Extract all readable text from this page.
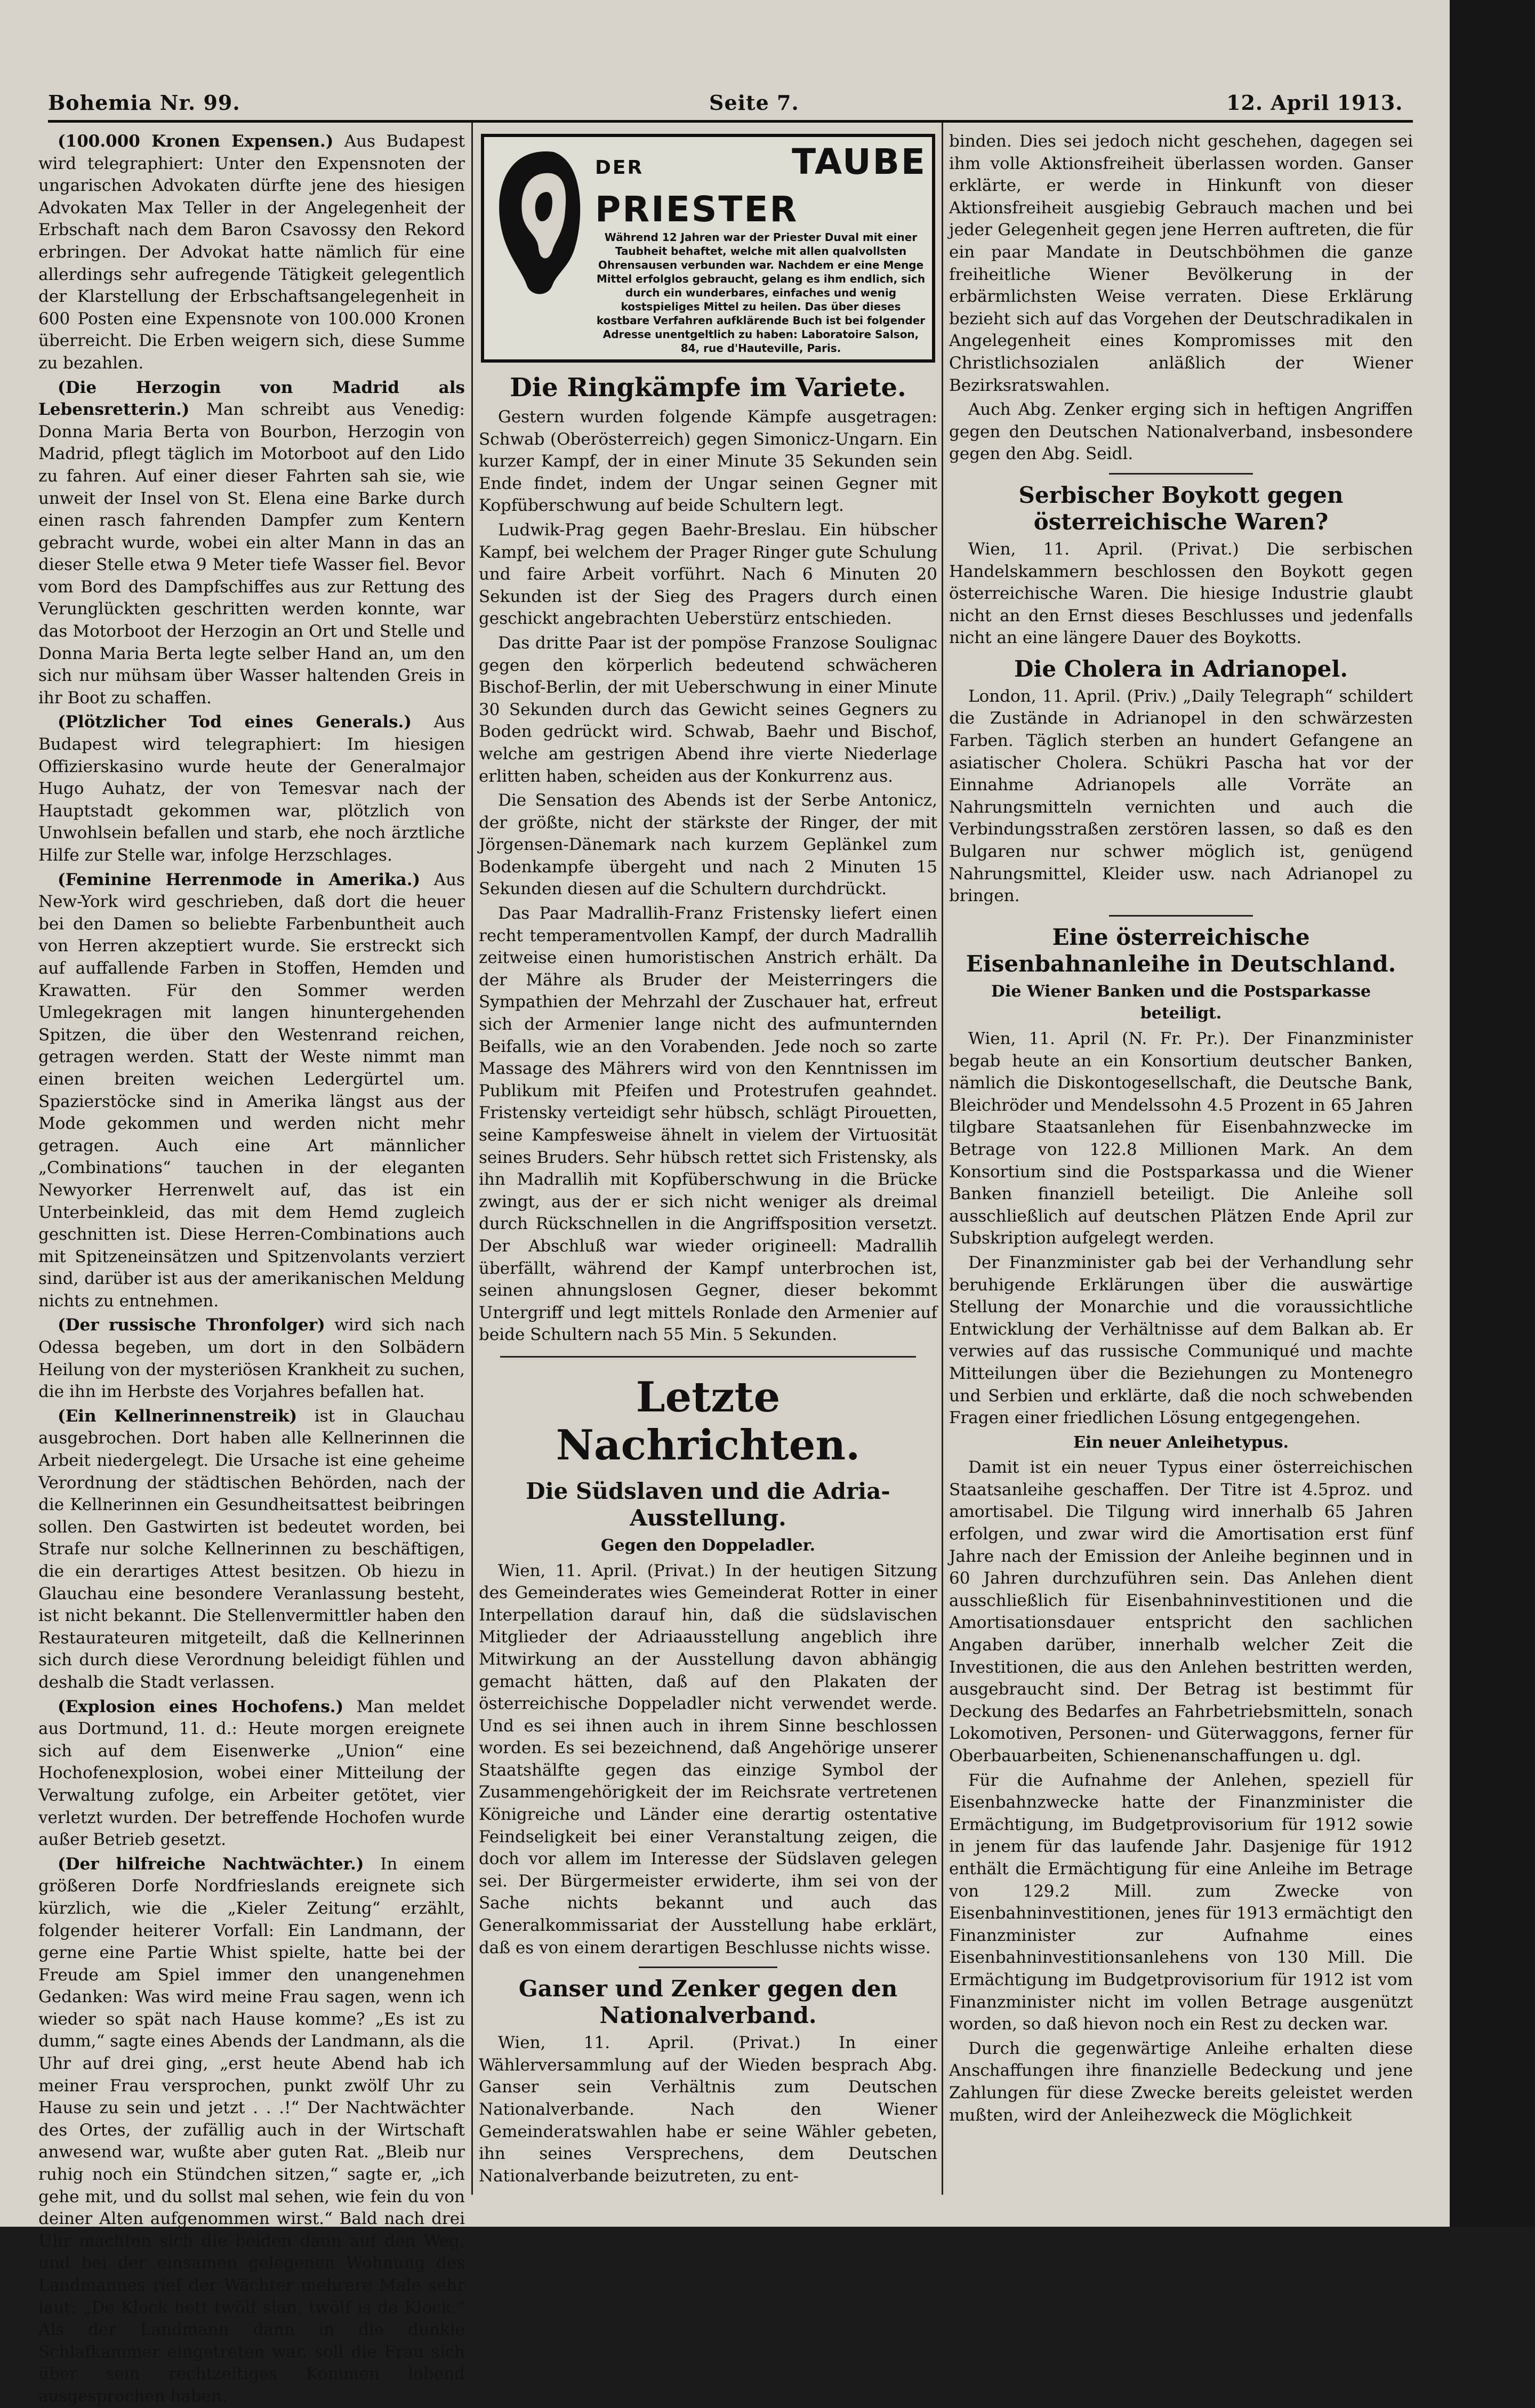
Bohemia Nr. 99.	Seite 7.	12. April 1913.

(100.000 Kronen Expensen.) Aus Budapest wird telegraphiert: Unter den Expensnoten der ungarischen Advokaten dürfte jene des hiesigen Advokaten Max Teller in der Angelegenheit der Erbschaft nach dem Baron Csavossy den Rekord erbringen. Der Advokat hatte nämlich für eine allerdings sehr aufregende Tätigkeit gelegentlich der Klarstellung der Erbschaftsangelegenheit in 600 Posten eine Expensnote von 100.000 Kronen überreicht. Die Erben weigern sich, diese Summe zu bezahlen.

(Die Herzogin von Madrid als Lebensretterin.) Man schreibt aus Venedig: Donna Maria Berta von Bourbon, Herzogin von Madrid, pflegt täglich im Motorboot auf den Lido zu fahren. Auf einer dieser Fahrten sah sie, wie unweit der Insel von St. Elena eine Barke durch einen rasch fahrenden Dampfer zum Kentern gebracht wurde, wobei ein alter Mann in das an dieser Stelle etwa 9 Meter tiefe Wasser fiel. Bevor vom Bord des Dampfschiffes aus zur Rettung des Verunglückten geschritten werden konnte, war das Motorboot der Herzogin an Ort und Stelle und Donna Maria Berta legte selber Hand an, um den sich nur mühsam über Wasser haltenden Greis in ihr Boot zu schaffen.

(Plötzlicher Tod eines Generals.) Aus Budapest wird telegraphiert: Im hiesigen Offizierskasino wurde heute der Generalmajor Hugo Auhatz, der von Temesvar nach der Hauptstadt gekommen war, plötzlich von Unwohlsein befallen und starb, ehe noch ärztliche Hilfe zur Stelle war, infolge Herzschlages.

(Feminine Herrenmode in Amerika.) Aus New-York wird geschrieben, daß dort die heuer bei den Damen so beliebte Farbenbuntheit auch von Herren akzeptiert wurde. Sie erstreckt sich auf auffallende Farben in Stoffen, Hemden und Krawatten. Für den Sommer werden Umlegekragen mit langen hinuntergehenden Spitzen, die über den Westenrand reichen, getragen werden. Statt der Weste nimmt man einen breiten weichen Ledergürtel um. Spazierstöcke sind in Amerika längst aus der Mode gekommen und werden nicht mehr getragen. Auch eine Art männlicher „Combinations“ tauchen in der eleganten Newyorker Herrenwelt auf, das ist ein Unterbeinkleid, das mit dem Hemd zugleich geschnitten ist. Diese Herren-Combinations auch mit Spitzeneinsätzen und Spitzenvolants verziert sind, darüber ist aus der amerikanischen Meldung nichts zu entnehmen.

(Der russische Thronfolger) wird sich nach Odessa begeben, um dort in den Solbädern Heilung von der mysteriösen Krankheit zu suchen, die ihn im Herbste des Vorjahres befallen hat.

(Ein Kellnerinnenstreik) ist in Glauchau ausgebrochen. Dort haben alle Kellnerinnen die Arbeit niedergelegt. Die Ursache ist eine geheime Verordnung der städtischen Behörden, nach der die Kellnerinnen ein Gesundheitsattest beibringen sollen. Den Gastwirten ist bedeutet worden, bei Strafe nur solche Kellnerinnen zu beschäftigen, die ein derartiges Attest besitzen. Ob hiezu in Glauchau eine besondere Veranlassung besteht, ist nicht bekannt. Die Stellenvermittler haben den Restaurateuren mitgeteilt, daß die Kellnerinnen sich durch diese Verordnung beleidigt fühlen und deshalb die Stadt verlassen.

(Explosion eines Hochofens.) Man meldet aus Dortmund, 11. d.: Heute morgen ereignete sich auf dem Eisenwerke „Union“ eine Hochofenexplosion, wobei einer Mitteilung der Verwaltung zufolge, ein Arbeiter getötet, vier verletzt wurden. Der betreffende Hochofen wurde außer Betrieb gesetzt.

(Der hilfreiche Nachtwächter.) In einem größeren Dorfe Nordfrieslands ereignete sich kürzlich, wie die „Kieler Zeitung“ erzählt, folgender heiterer Vorfall: Ein Landmann, der gerne eine Partie Whist spielte, hatte bei der Freude am Spiel immer den unangenehmen Gedanken: Was wird meine Frau sagen, wenn ich wieder so spät nach Hause komme? „Es ist zu dumm,“ sagte eines Abends der Landmann, als die Uhr auf drei ging, „erst heute Abend hab ich meiner Frau versprochen, punkt zwölf Uhr zu Hause zu sein und jetzt . . .!“ Der Nachtwächter des Ortes, der zufällig auch in der Wirtschaft anwesend war, wußte aber guten Rat. „Bleib nur ruhig noch ein Stündchen sitzen,“ sagte er, „ich gehe mit, und du sollst mal sehen, wie fein du von deiner Alten aufgenommen wirst.“ Bald nach drei Uhr machten sich die beiden dann auf den Weg, und bei der einsamen gelegenen Wohnung des Landmannes rief der Wächter mehrere Male sehr laut: „De Klock hett twölf slan, twölf is de Klock.“ Als der Landmann dann in die dunkle Schlafkammer eingetreten war, soll die Frau sich über sein rechtzeitiges Kommen lobend ausgesprochen haben.

DER	TAUBE PRIESTER
Während 12 Jahren war der Priester Duval mit einer Taubheit behaftet, welche mit allen qualvollsten Ohrensausen verbunden war. Nachdem er eine Menge Mittel erfolglos gebraucht, gelang es ihm endlich, sich durch ein wunderbares, einfaches und wenig kostspieliges Mittel zu heilen. Das über dieses kostbare Verfahren aufklärende Buch ist bei folgender Adresse unentgeltlich zu haben: Laboratoire Salson, 84, rue d'Hauteville, Paris.
Die Ringkämpfe im Variete.

Gestern wurden folgende Kämpfe ausgetragen: Schwab (Oberösterreich) gegen Simonicz-Ungarn. Ein kurzer Kampf, der in einer Minute 35 Sekunden sein Ende findet, indem der Ungar seinen Gegner mit Kopfüberschwung auf beide Schultern legt.

Ludwik-Prag gegen Baehr-Breslau. Ein hübscher Kampf, bei welchem der Prager Ringer gute Schulung und faire Arbeit vorführt. Nach 6 Minuten 20 Sekunden ist der Sieg des Pragers durch einen geschickt angebrachten Ueberstürz entschieden.

Das dritte Paar ist der pompöse Franzose Soulignac gegen den körperlich bedeutend schwächeren Bischof-Berlin, der mit Ueberschwung in einer Minute 30 Sekunden durch das Gewicht seines Gegners zu Boden gedrückt wird. Schwab, Baehr und Bischof, welche am gestrigen Abend ihre vierte Niederlage erlitten haben, scheiden aus der Konkurrenz aus.

Die Sensation des Abends ist der Serbe Antonicz, der größte, nicht der stärkste der Ringer, der mit Jörgensen-Dänemark nach kurzem Geplänkel zum Bodenkampfe übergeht und nach 2 Minuten 15 Sekunden diesen auf die Schultern durchdrückt.

Das Paar Madrallih-Franz Fristensky liefert einen recht temperamentvollen Kampf, der durch Madrallih zeitweise einen humoristischen Anstrich erhält. Da der Mähre als Bruder der Meisterringers die Sympathien der Mehrzahl der Zuschauer hat, erfreut sich der Armenier lange nicht des aufmunternden Beifalls, wie an den Vorabenden. Jede noch so zarte Massage des Mährers wird von den Kenntnissen im Publikum mit Pfeifen und Protestrufen geahndet. Fristensky verteidigt sehr hübsch, schlägt Pirouetten, seine Kampfesweise ähnelt in vielem der Virtuosität seines Bruders. Sehr hübsch rettet sich Fristensky, als ihn Madrallih mit Kopfüberschwung in die Brücke zwingt, aus der er sich nicht weniger als dreimal durch Rückschnellen in die Angriffsposition versetzt. Der Abschluß war wieder origineell: Madrallih überfällt, während der Kampf unterbrochen ist, seinen ahnungslosen Gegner, dieser bekommt Untergriff und legt mittels Ronlade den Armenier auf beide Schultern nach 55 Min. 5 Sekunden.

Letzte Nachrichten.
Die Südslaven und die Adria-Ausstellung.
Gegen den Doppeladler.

Wien, 11. April. (Privat.) In der heutigen Sitzung des Gemeinderates wies Gemeinderat Rotter in einer Interpellation darauf hin, daß die südslavischen Mitglieder der Adriaausstellung angeblich ihre Mitwirkung an der Ausstellung davon abhängig gemacht hätten, daß auf den Plakaten der österreichische Doppeladler nicht verwendet werde. Und es sei ihnen auch in ihrem Sinne beschlossen worden. Es sei bezeichnend, daß Angehörige unserer Staatshälfte gegen das einzige Symbol der Zusammengehörigkeit der im Reichsrate vertretenen Königreiche und Länder eine derartig ostentative Feindseligkeit bei einer Veranstaltung zeigen, die doch vor allem im Interesse der Südslaven gelegen sei. Der Bürgermeister erwiderte, ihm sei von der Sache nichts bekannt und auch das Generalkommissariat der Ausstellung habe erklärt, daß es von einem derartigen Beschlusse nichts wisse.

Ganser und Zenker gegen den Nationalverband.

Wien, 11. April. (Privat.) In einer Wählerversammlung auf der Wieden besprach Abg. Ganser sein Verhältnis zum Deutschen Nationalverbande. Nach den Wiener Gemeinderatswahlen habe er seine Wähler gebeten, ihn seines Versprechens, dem Deutschen Nationalverbande beizutreten, zu ent-

binden. Dies sei jedoch nicht geschehen, dagegen sei ihm volle Aktionsfreiheit überlassen worden. Ganser erklärte, er werde in Hinkunft von dieser Aktionsfreiheit ausgiebig Gebrauch machen und bei jeder Gelegenheit gegen jene Herren auftreten, die für ein paar Mandate in Deutschböhmen die ganze freiheitliche Wiener Bevölkerung in der erbärmlichsten Weise verraten. Diese Erklärung bezieht sich auf das Vorgehen der Deutschradikalen in Angelegenheit eines Kompromisses mit den Christlichsozialen anläßlich der Wiener Bezirksratswahlen.

Auch Abg. Zenker erging sich in heftigen Angriffen gegen den Deutschen Nationalverband, insbesondere gegen den Abg. Seidl.

Serbischer Boykott gegen österreichische Waren?

Wien, 11. April. (Privat.) Die serbischen Handelskammern beschlossen den Boykott gegen österreichische Waren. Die hiesige Industrie glaubt nicht an den Ernst dieses Beschlusses und jedenfalls nicht an eine längere Dauer des Boykotts.

Die Cholera in Adrianopel.

London, 11. April. (Priv.) „Daily Telegraph“ schildert die Zustände in Adrianopel in den schwärzesten Farben. Täglich sterben an hundert Gefangene an asiatischer Cholera. Schükri Pascha hat vor der Einnahme Adrianopels alle Vorräte an Nahrungsmitteln vernichten und auch die Verbindungsstraßen zerstören lassen, so daß es den Bulgaren nur schwer möglich ist, genügend Nahrungsmittel, Kleider usw. nach Adrianopel zu bringen.

Eine österreichische Eisenbahnanleihe in Deutschland.
Die Wiener Banken und die Postsparkasse beteiligt.

Wien, 11. April (N. Fr. Pr.). Der Finanzminister begab heute an ein Konsortium deutscher Banken, nämlich die Diskontogesellschaft, die Deutsche Bank, Bleichröder und Mendelssohn 4.5 Prozent in 65 Jahren tilgbare Staatsanlehen für Eisenbahnzwecke im Betrage von 122.8 Millionen Mark. An dem Konsortium sind die Postsparkassa und die Wiener Banken finanziell beteiligt. Die Anleihe soll ausschließlich auf deutschen Plätzen Ende April zur Subskription aufgelegt werden.

Der Finanzminister gab bei der Verhandlung sehr beruhigende Erklärungen über die auswärtige Stellung der Monarchie und die voraussichtliche Entwicklung der Verhältnisse auf dem Balkan ab. Er verwies auf das russische Communiqué und machte Mitteilungen über die Beziehungen zu Montenegro und Serbien und erklärte, daß die noch schwebenden Fragen einer friedlichen Lösung entgegengehen.

Ein neuer Anleihetypus.

Damit ist ein neuer Typus einer österreichischen Staatsanleihe geschaffen. Der Titre ist 4.5proz. und amortisabel. Die Tilgung wird innerhalb 65 Jahren erfolgen, und zwar wird die Amortisation erst fünf Jahre nach der Emission der Anleihe beginnen und in 60 Jahren durchzuführen sein. Das Anlehen dient ausschließlich für Eisenbahninvestitionen und die Amortisationsdauer entspricht den sachlichen Angaben darüber, innerhalb welcher Zeit die Investitionen, die aus den Anlehen bestritten werden, ausgebraucht sind. Der Betrag ist bestimmt für Deckung des Bedarfes an Fahrbetriebsmitteln, sonach Lokomotiven, Personen- und Güterwaggons, ferner für Oberbauarbeiten, Schienenanschaffungen u. dgl.

Für die Aufnahme der Anlehen, speziell für Eisenbahnzwecke hatte der Finanzminister die Ermächtigung, im Budgetprovisorium für 1912 sowie in jenem für das laufende Jahr. Dasjenige für 1912 enthält die Ermächtigung für eine Anleihe im Betrage von 129.2 Mill. zum Zwecke von Eisenbahninvestitionen, jenes für 1913 ermächtigt den Finanzminister zur Aufnahme eines Eisenbahninvestitionsanlehens von 130 Mill. Die Ermächtigung im Budgetprovisorium für 1912 ist vom Finanzminister nicht im vollen Betrage ausgenützt worden, so daß hievon noch ein Rest zu decken war.

Durch die gegenwärtige Anleihe erhalten diese Anschaffungen ihre finanzielle Bedeckung und jene Zahlungen für diese Zwecke bereits geleistet werden mußten, wird der Anleihezweck die Möglichkeit
